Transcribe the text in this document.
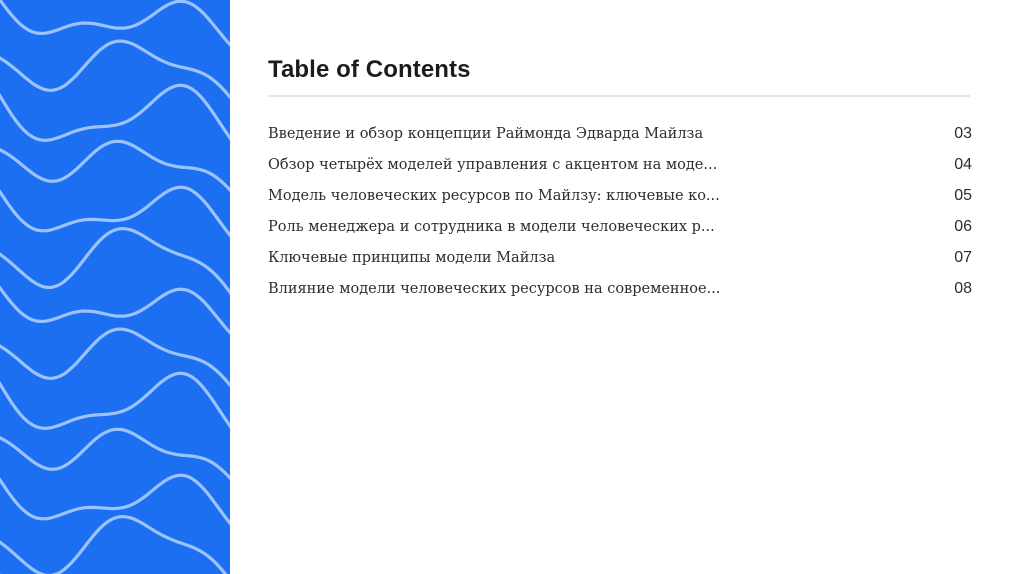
Table of Contents
Введение и обзор концепции Раймонда Эдварда Майлза	03
Обзор четырёх моделей управления с акцентом на моде...	04
Модель человеческих ресурсов по Майлзу: ключевые ко...	05
Роль менеджера и сотрудника в модели человеческих р...	06
Ключевые принципы модели Майлза	07
Влияние модели человеческих ресурсов на современное...	08
